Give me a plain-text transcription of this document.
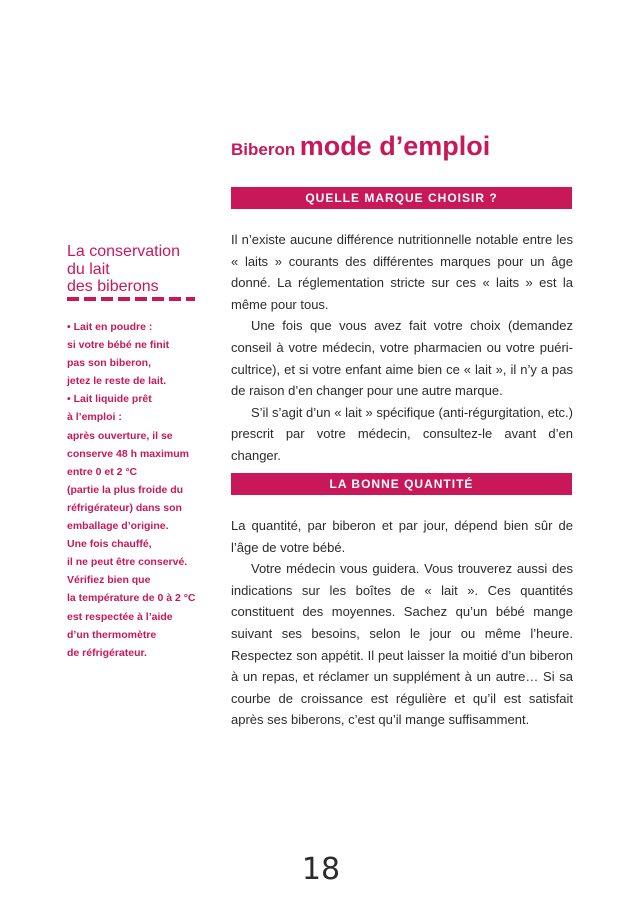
Biberon mode d’emploi
QUELLE MARQUE CHOISIR ?

Il n’existe aucune différence nutritionnelle notable entre les « laits » courants des différentes marques pour un âge donné. La réglementation stricte sur ces « laits » est la même pour tous.

Une fois que vous avez fait votre choix (demandez conseil à votre médecin, votre pharmacien ou votre puéri-cultrice), et si votre enfant aime bien ce « lait », il n’y a pas de raison d’en changer pour une autre marque.

S’il s’agit d’un « lait » spécifique (anti-régurgitation, etc.) prescrit par votre médecin, consultez-le avant d’en changer.

LA BONNE QUANTITÉ

La quantité, par biberon et par jour, dépend bien sûr de l’âge de votre bébé.

Votre médecin vous guidera. Vous trouverez aussi des indications sur les boîtes de « lait ». Ces quantités constituent des moyennes. Sachez qu’un bébé mange suivant ses besoins, selon le jour ou même l’heure. Respectez son appétit. Il peut laisser la moitié d’un biberon à un repas, et réclamer un supplément à un autre… Si sa courbe de croissance est régulière et qu’il est satisfait après ses biberons, c’est qu’il mange suffisamment.

La conservation
du lait
des biberons
• Lait en poudre :
si votre bébé ne finit
pas son biberon,
jetez le reste de lait.
• Lait liquide prêt
à l’emploi :
après ouverture, il se
conserve 48 h maximum
entre 0 et 2 °C
(partie la plus froide du
réfrigérateur) dans son
emballage d’origine.
Une fois chauffé,
il ne peut être conservé.
Vérifiez bien que
la température de 0 à 2 °C
est respectée à l’aide
d’un thermomètre
de réfrigérateur.
18
